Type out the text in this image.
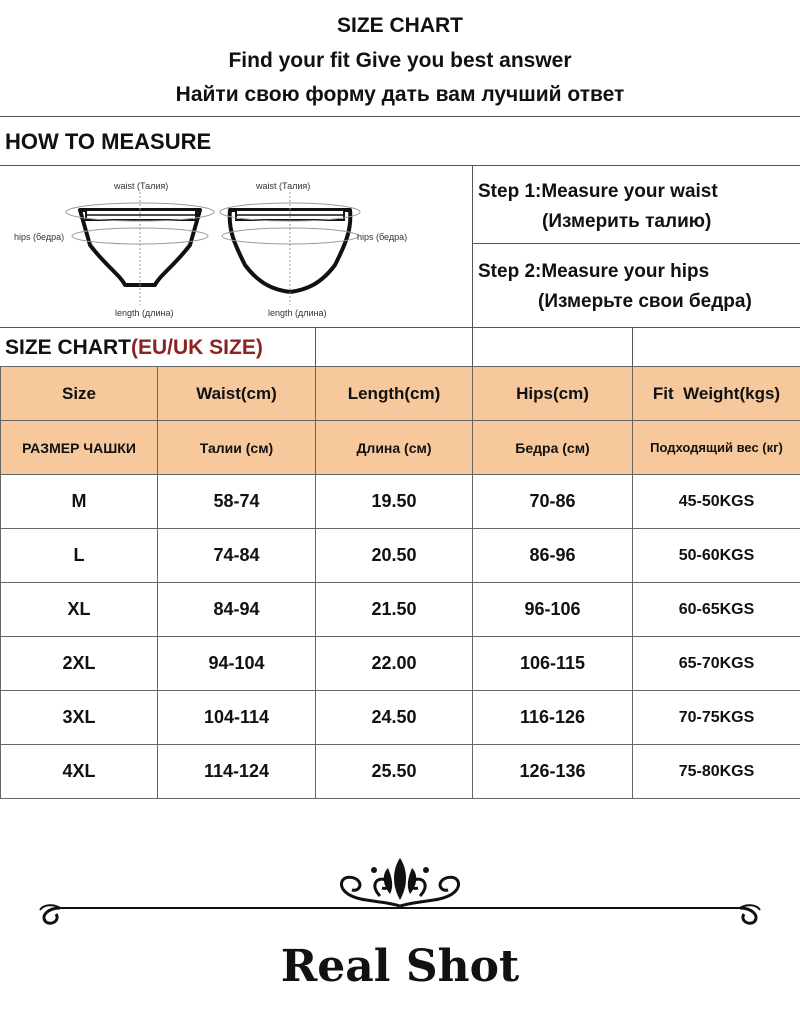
SIZE CHART
Find your fit Give you best answer
Найти свою форму дать вам лучший ответ
HOW TO MEASURE
waist (Талия)	waist (Талия)
hips (бедра)	hips (бедра)
length (длина)	length (длина)
Step 1:Measure your waist
(Измерить талию)
Step 2:Measure your hips
(Измерьте свои бедра)
SIZE CHART(EU/UK SIZE)
Size	Waist(cm)	Length(cm)	Hips(cm)	Fit  Weight(kgs)
РАЗМЕР ЧАШКИ	Талии (см)	Длина (см)	Бедра (см)	Подходящий вес (кг)
M	58-74	19.50	70-86	45-50KGS
L	74-84	20.50	86-96	50-60KGS
XL	84-94	21.50	96-106	60-65KGS
2XL	94-104	22.00	106-115	65-70KGS
3XL	104-114	24.50	116-126	70-75KGS
4XL	114-124	25.50	126-136	75-80KGS
Real Shot
